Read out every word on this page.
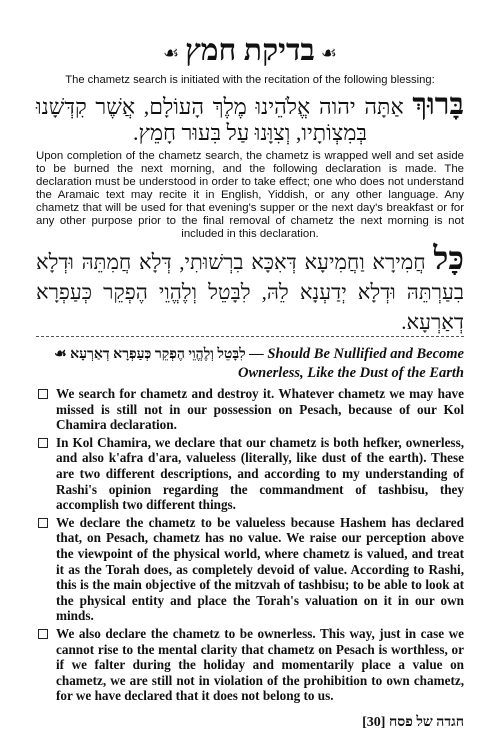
☙בדיקת חמץ☙
The chametz search is initiated with the recitation of the following blessing:
בָּרוּךְ אַתָּה יהוה אֱלֹהֵינוּ מֶלֶךְ הָעוֹלָם, אֲשֶׁר קִדְּשָׁנוּ בְּמִצְוֹתָיו, וְצִוָּנוּ עַל בִּעוּר חָמֵץ.
Upon completion of the chametz search, the chametz is wrapped well and set aside to be burned the next morning, and the following declaration is made. The declaration must be understood in order to take effect; one who does not understand the Aramaic text may recite it in English, Yiddish, or any other language. Any chametz that will be used for that evening's supper or the next day's breakfast or for any other purpose prior to the final removal of chametz the next morning is not included in this declaration.
כָּל חֲמִירָא וַחֲמִיעָא דְּאִכָּא בִרְשׁוּתִי, דְּלָא חֲמִתֵּהּ וּדְלָא בִעַרְתֵּהּ וּדְלָא יְדַעְנָא לֵהּ, לִבָּטֵל וְלֶהֱוֵי הֶפְקֵר כְּעַפְרָא דְאַרְעָא.
☙ לִבָּטֵל וְלֶהֱוֵי הֶפְקֵר כְּעַפְרָא דְאַרְעָא — Should Be Nullified and Become Ownerless, Like the Dust of the Earth
We search for chametz and destroy it. Whatever chametz we may have missed is still not in our possession on Pesach, because of our Kol Chamira declaration.
In Kol Chamira, we declare that our chametz is both hefker, ownerless, and also k'afra d'ara, valueless (literally, like dust of the earth). These are two different descriptions, and according to my understanding of Rashi's opinion regarding the commandment of tashbisu, they accomplish two different things.
We declare the chametz to be valueless because Hashem has declared that, on Pesach, chametz has no value. We raise our perception above the viewpoint of the physical world, where chametz is valued, and treat it as the Torah does, as completely devoid of value. According to Rashi, this is the main objective of the mitzvah of tashbisu; to be able to look at the physical entity and place the Torah's valuation on it in our own minds.
We also declare the chametz to be ownerless. This way, just in case we cannot rise to the mental clarity that chametz on Pesach is worthless, or if we falter during the holiday and momentarily place a value on chametz, we are still not in violation of the prohibition to own chametz, for we have declared that it does not belong to us.
חגדה של פסח [30]
